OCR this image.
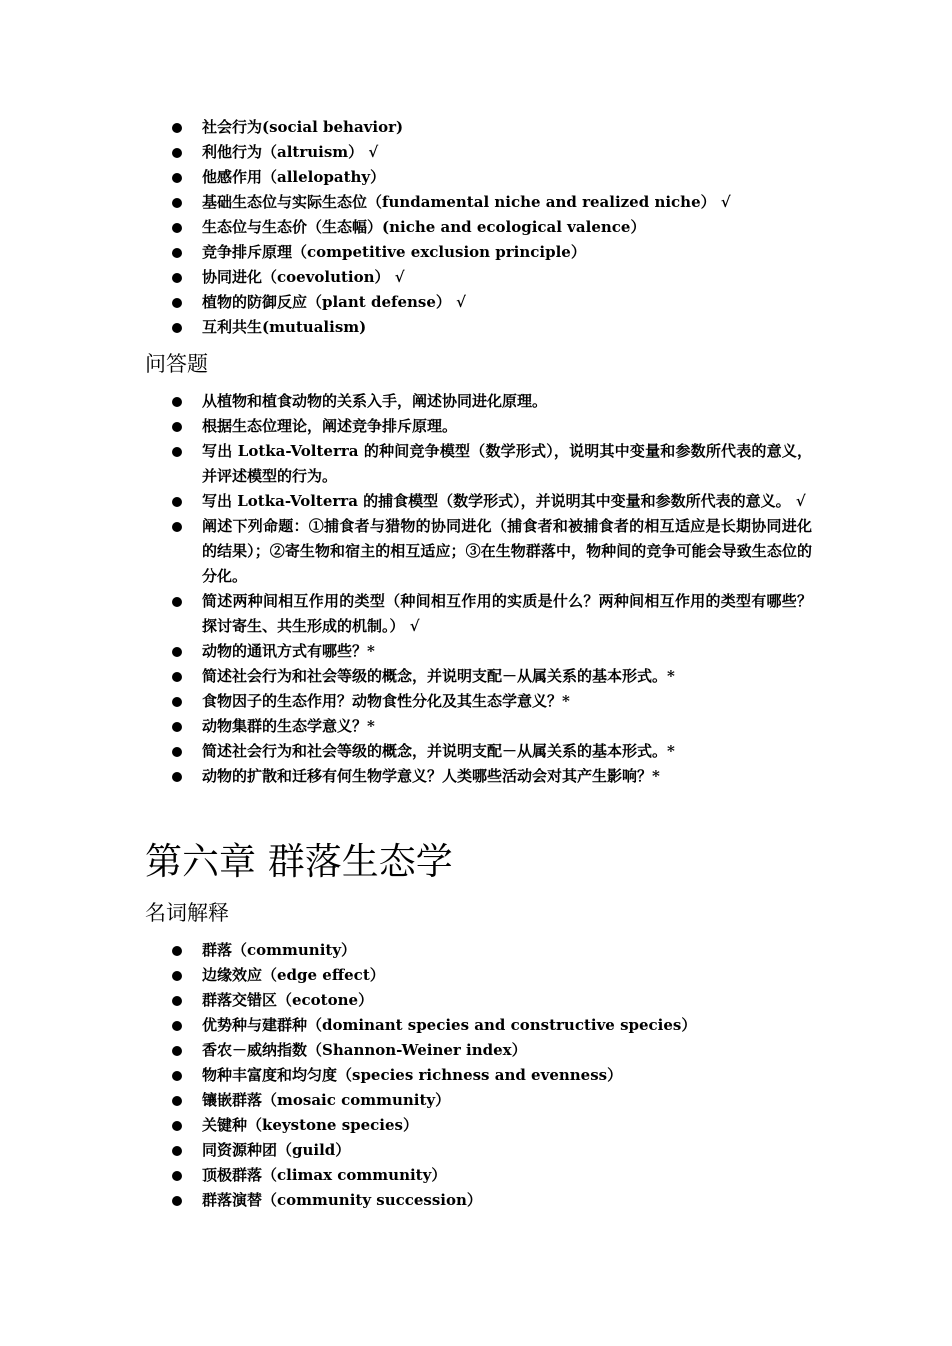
社会行为(social behavior)
利他行为（altruism） √
他感作用（allelopathy）
基础生态位与实际生态位（fundamental niche and realized niche） √
生态位与生态价（生态幅）(niche and ecological valence）
竞争排斥原理（competitive exclusion principle）
协同进化（coevolution） √
植物的防御反应（plant defense） √
互利共生(mutualism)
问答题
从植物和植食动物的关系入手，阐述协同进化原理。
根据生态位理论，阐述竞争排斥原理。
写出 Lotka-Volterra 的种间竞争模型（数学形式），说明其中变量和参数所代表的意义，并评述模型的行为。
写出 Lotka-Volterra 的捕食模型（数学形式），并说明其中变量和参数所代表的意义。 √
阐述下列命题：①捕食者与猎物的协同进化（捕食者和被捕食者的相互适应是长期协同进化的结果）；②寄生物和宿主的相互适应；③在生物群落中，物种间的竞争可能会导致生态位的分化。
简述两种间相互作用的类型（种间相互作用的实质是什么？两种间相互作用的类型有哪些？探讨寄生、共生形成的机制。） √
动物的通讯方式有哪些？*
简述社会行为和社会等级的概念，并说明支配－从属关系的基本形式。*
食物因子的生态作用？动物食性分化及其生态学意义？*
动物集群的生态学意义？*
简述社会行为和社会等级的概念，并说明支配－从属关系的基本形式。*
动物的扩散和迁移有何生物学意义？人类哪些活动会对其产生影响？*
第六章 群落生态学
名词解释
群落（community）
边缘效应（edge effect）
群落交错区（ecotone）
优势种与建群种（dominant species and constructive species）
香农－威纳指数（Shannon-Weiner index）
物种丰富度和均匀度（species richness and evenness）
镶嵌群落（mosaic community）
关键种（keystone species）
同资源种团（guild）
顶极群落（climax community）
群落演替（community succession）
